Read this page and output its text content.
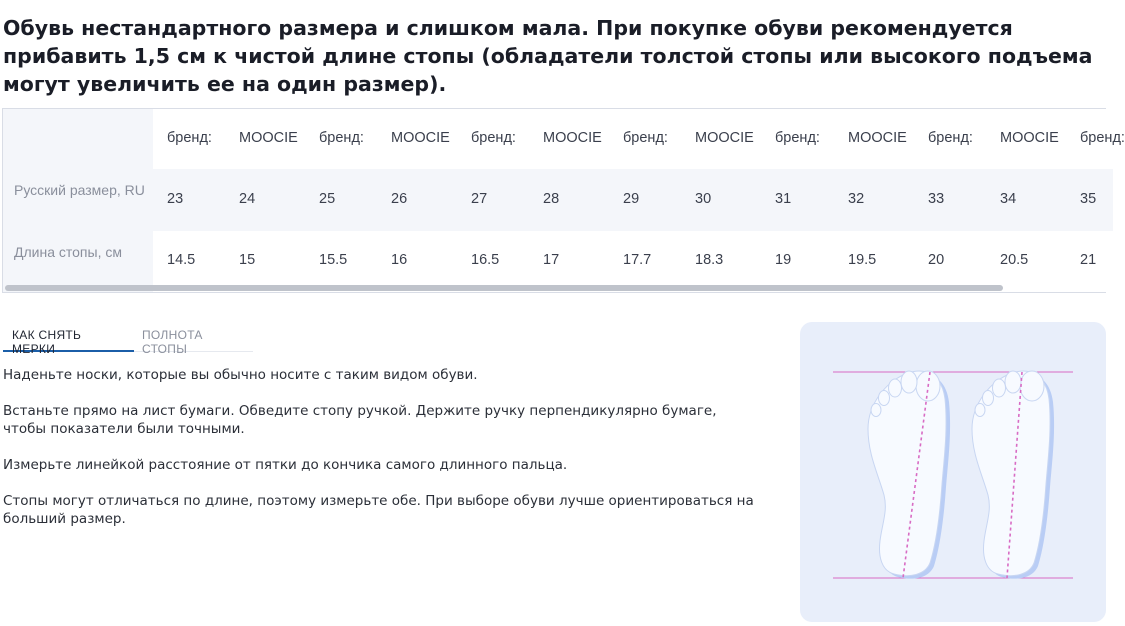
Обувь нестандартного размера и слишком мала. При покупке обуви рекомендуется прибавить 1,5 см к чистой длине стопы (обладатели толстой стопы или высокого подъема могут увеличить ее на один размер).
Русский размер, RU
Длина стопы, см
бренд: MOOCIE бренд: MOOCIE бренд: MOOCIE бренд: MOOCIE бренд: MOOCIE бренд: MOOCIE бренд:
23	24	25	26	27	28	29	30	31	32	33	34	35
14.5	15	15.5	16	16.5	17	17.7	18.3	19	19.5	20	20.5	21
КАК СНЯТЬ МЕРКИ
ПОЛНОТА СТОПЫ

Наденьте носки, которые вы обычно носите с таким видом обуви.

Встаньте прямо на лист бумаги. Обведите стопу ручкой. Держите ручку перпендикулярно бумаге, чтобы показатели были точными.

Измерьте линейкой расстояние от пятки до кончика самого длинного пальца.

Стопы могут отличаться по длине, поэтому измерьте обе. При выборе обуви лучше ориентироваться на больший размер.
